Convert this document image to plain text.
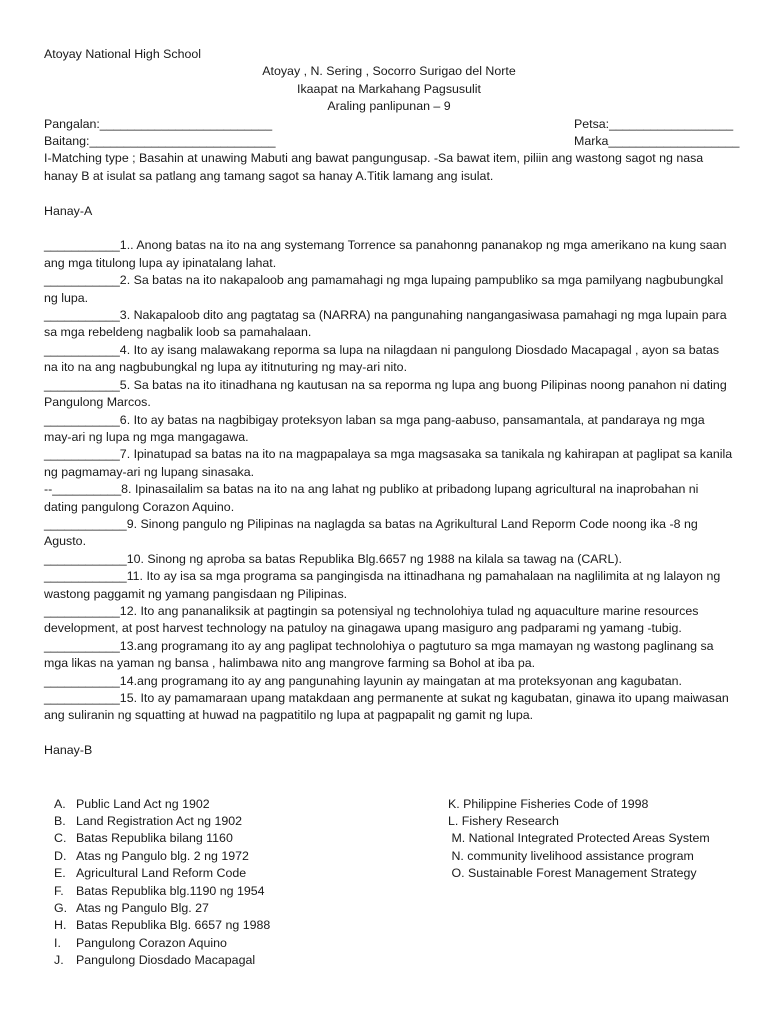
Atoyay National High School
Atoyay , N. Sering , Socorro Surigao del Norte
Ikaapat na Markahang Pagsusulit
Araling panlipunan – 9
Pangalan:_________________________	Petsa:__________________
Baitang:___________________________	Marka___________________
I-Matching type ; Basahin at unawing Mabuti ang bawat pangungusap. -Sa bawat item, piliin ang wastong sagot ng nasa hanay B at isulat sa patlang ang tamang sagot sa hanay A.Titik lamang ang isulat.
Hanay-A
___________1.. Anong batas na ito na ang systemang Torrence sa panahonng pananakop ng mga amerikano na kung saan ang mga titulong lupa ay ipinatalang lahat.
___________2. Sa batas na ito nakapaloob ang pamamahagi ng mga lupaing pampubliko sa mga pamilyang nagbubungkal ng lupa.
___________3. Nakapaloob dito ang pagtatag sa (NARRA) na pangunahing nangangasiwasa pamahagi ng mga lupain para sa mga rebeldeng nagbalik loob sa pamahalaan.
___________4. Ito ay isang malawakang reporma sa lupa na nilagdaan ni pangulong Diosdado Macapagal , ayon sa batas na ito na ang nagbubungkal ng lupa ay ititnuturing ng may-ari nito.
___________5. Sa batas na ito itinadhana ng kautusan na sa reporma ng lupa ang buong Pilipinas noong panahon ni dating Pangulong Marcos.
___________6. Ito ay batas na nagbibigay proteksyon laban sa mga pang-aabuso, pansamantala, at pandaraya ng mga may-ari ng lupa ng mga mangagawa.
___________7. Ipinatupad sa batas na ito na magpapalaya sa mga magsasaka sa tanikala ng kahirapan at paglipat sa kanila ng pagmamay-ari ng lupang sinasaka.
--__________8. Ipinasailalim sa batas na ito na ang lahat ng publiko at pribadong lupang agricultural na inaprobahan ni dating pangulong Corazon Aquino.
____________9. Sinong pangulo ng Pilipinas na naglagda sa batas na Agrikultural Land Reporm Code noong ika -8 ng Agusto.
____________10. Sinong ng aproba sa batas Republika Blg.6657 ng 1988 na kilala sa tawag na (CARL).
____________11. Ito ay isa sa mga programa sa pangingisda na ittinadhana ng pamahalaan na naglilimita at ng lalayon ng wastong paggamit ng yamang pangisdaan ng Pilipinas.
___________12. Ito ang pananaliksik at pagtingin sa potensiyal ng technolohiya tulad ng aquaculture marine resources development, at post harvest technology na patuloy na ginagawa upang masiguro ang padparami ng yamang -tubig.
___________13.ang programang ito ay ang paglipat technolohiya o pagtuturo sa mga mamayan ng wastong paglinang sa mga likas na yaman ng bansa , halimbawa nito ang mangrove farming sa Bohol at iba pa.
___________14.ang programang ito ay ang pangunahing layunin ay maingatan at ma proteksyonan ang kagubatan.
___________15. Ito ay pamamaraan upang matakdaan ang permanente at sukat ng kagubatan, ginawa ito upang maiwasan ang suliranin ng squatting at huwad na pagpatitilo ng lupa at pagpapalit ng gamit ng lupa.
Hanay-B
A. Public Land Act ng 1902
B. Land Registration Act ng 1902
C. Batas Republika bilang 1160
D. Atas ng Pangulo blg. 2 ng 1972
E. Agricultural Land Reform Code
F. Batas Republika blg.1190 ng 1954
G. Atas ng Pangulo Blg. 27
H. Batas Republika Blg. 6657 ng 1988
I.	Pangulong Corazon Aquino
J. Pangulong Diosdado Macapagal
K. Philippine Fisheries Code of 1998
L. Fishery Research
M. National Integrated Protected Areas System
N. community livelihood assistance program
O. Sustainable Forest Management Strategy
